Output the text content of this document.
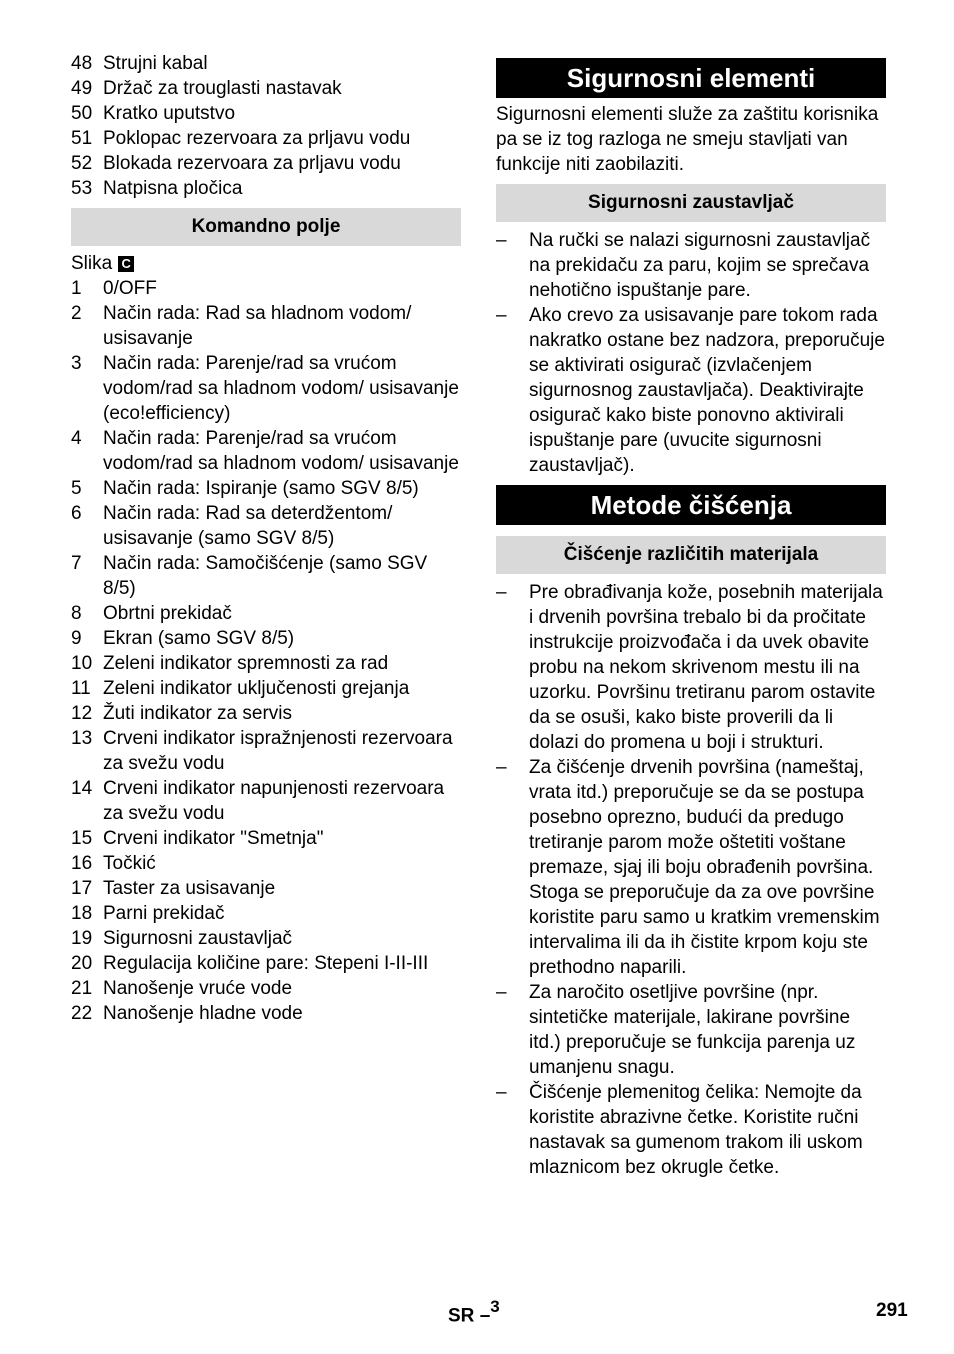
48 Strujni kabal
49 Držač za trouglasti nastavak
50 Kratko uputstvo
51 Poklopac rezervoara za prljavu vodu
52 Blokada rezervoara za prljavu vodu
53 Natpisna pločica
Komandno polje
Slika C
1	0/OFF
2	Način rada: Rad sa hladnom vodom/ usisavanje
3	Način rada: Parenje/rad sa vrućom vodom/rad sa hladnom vodom/ usisavanje (eco!efficiency)
4	Način rada: Parenje/rad sa vrućom vodom/rad sa hladnom vodom/ usisavanje
5	Način rada: Ispiranje (samo SGV 8/5)
6	Način rada: Rad sa deterdžentom/ usisavanje (samo SGV 8/5)
7	Način rada: Samočišćenje (samo SGV 8/5)
8	Obrtni prekidač
9	Ekran (samo SGV 8/5)
10 Zeleni indikator spremnosti za rad
11 Zeleni indikator uključenosti grejanja
12 Žuti indikator za servis
13 Crveni indikator ispražnjenosti rezervoara za svežu vodu
14 Crveni indikator napunjenosti rezervoara za svežu vodu
15 Crveni indikator "Smetnja"
16 Točkić
17 Taster za usisavanje
18 Parni prekidač
19 Sigurnosni zaustavljač
20 Regulacija količine pare: Stepeni I-II-III
21 Nanošenje vruće vode
22 Nanošenje hladne vode
Sigurnosni elementi

Sigurnosni elementi služe za zaštitu korisnika pa se iz tog razloga ne smeju stavljati van funkcije niti zaobilaziti.

Sigurnosni zaustavljač
–	Na ručki se nalazi sigurnosni zaustavljač na prekidaču za paru, kojim se sprečava nehotično ispuštanje pare.
–	Ako crevo za usisavanje pare tokom rada nakratko ostane bez nadzora, preporučuje se aktivirati osigurač (izvlačenjem sigurnosnog zaustavljača). Deaktivirajte osigurač kako biste ponovno aktivirali ispuštanje pare (uvucite sigurnosni zaustavljač).
Metode čišćenja
Čišćenje različitih materijala
–	Pre obrađivanja kože, posebnih materijala i drvenih površina trebalo bi da pročitate instrukcije proizvođača i da uvek obavite probu na nekom skrivenom mestu ili na uzorku. Površinu tretiranu parom ostavite da se osuši, kako biste proverili da li dolazi do promena u boji i strukturi.
–	Za čišćenje drvenih površina (nameštaj, vrata itd.) preporučuje se da se postupa posebno oprezno, budući da predugo tretiranje parom može oštetiti voštane premaze, sjaj ili boju obrađenih površina. Stoga se preporučuje da za ove površine koristite paru samo u kratkim vremenskim intervalima ili da ih čistite krpom koju ste prethodno naparili.
–	Za naročito osetljive površine (npr. sintetičke materijale, lakirane površine itd.) preporučuje se funkcija parenja uz umanjenu snagu.
–	Čišćenje plemenitog čelika: Nemojte da koristite abrazivne četke. Koristite ručni nastavak sa gumenom trakom ili uskom mlaznicom bez okrugle četke.
SR –$^3$	291
